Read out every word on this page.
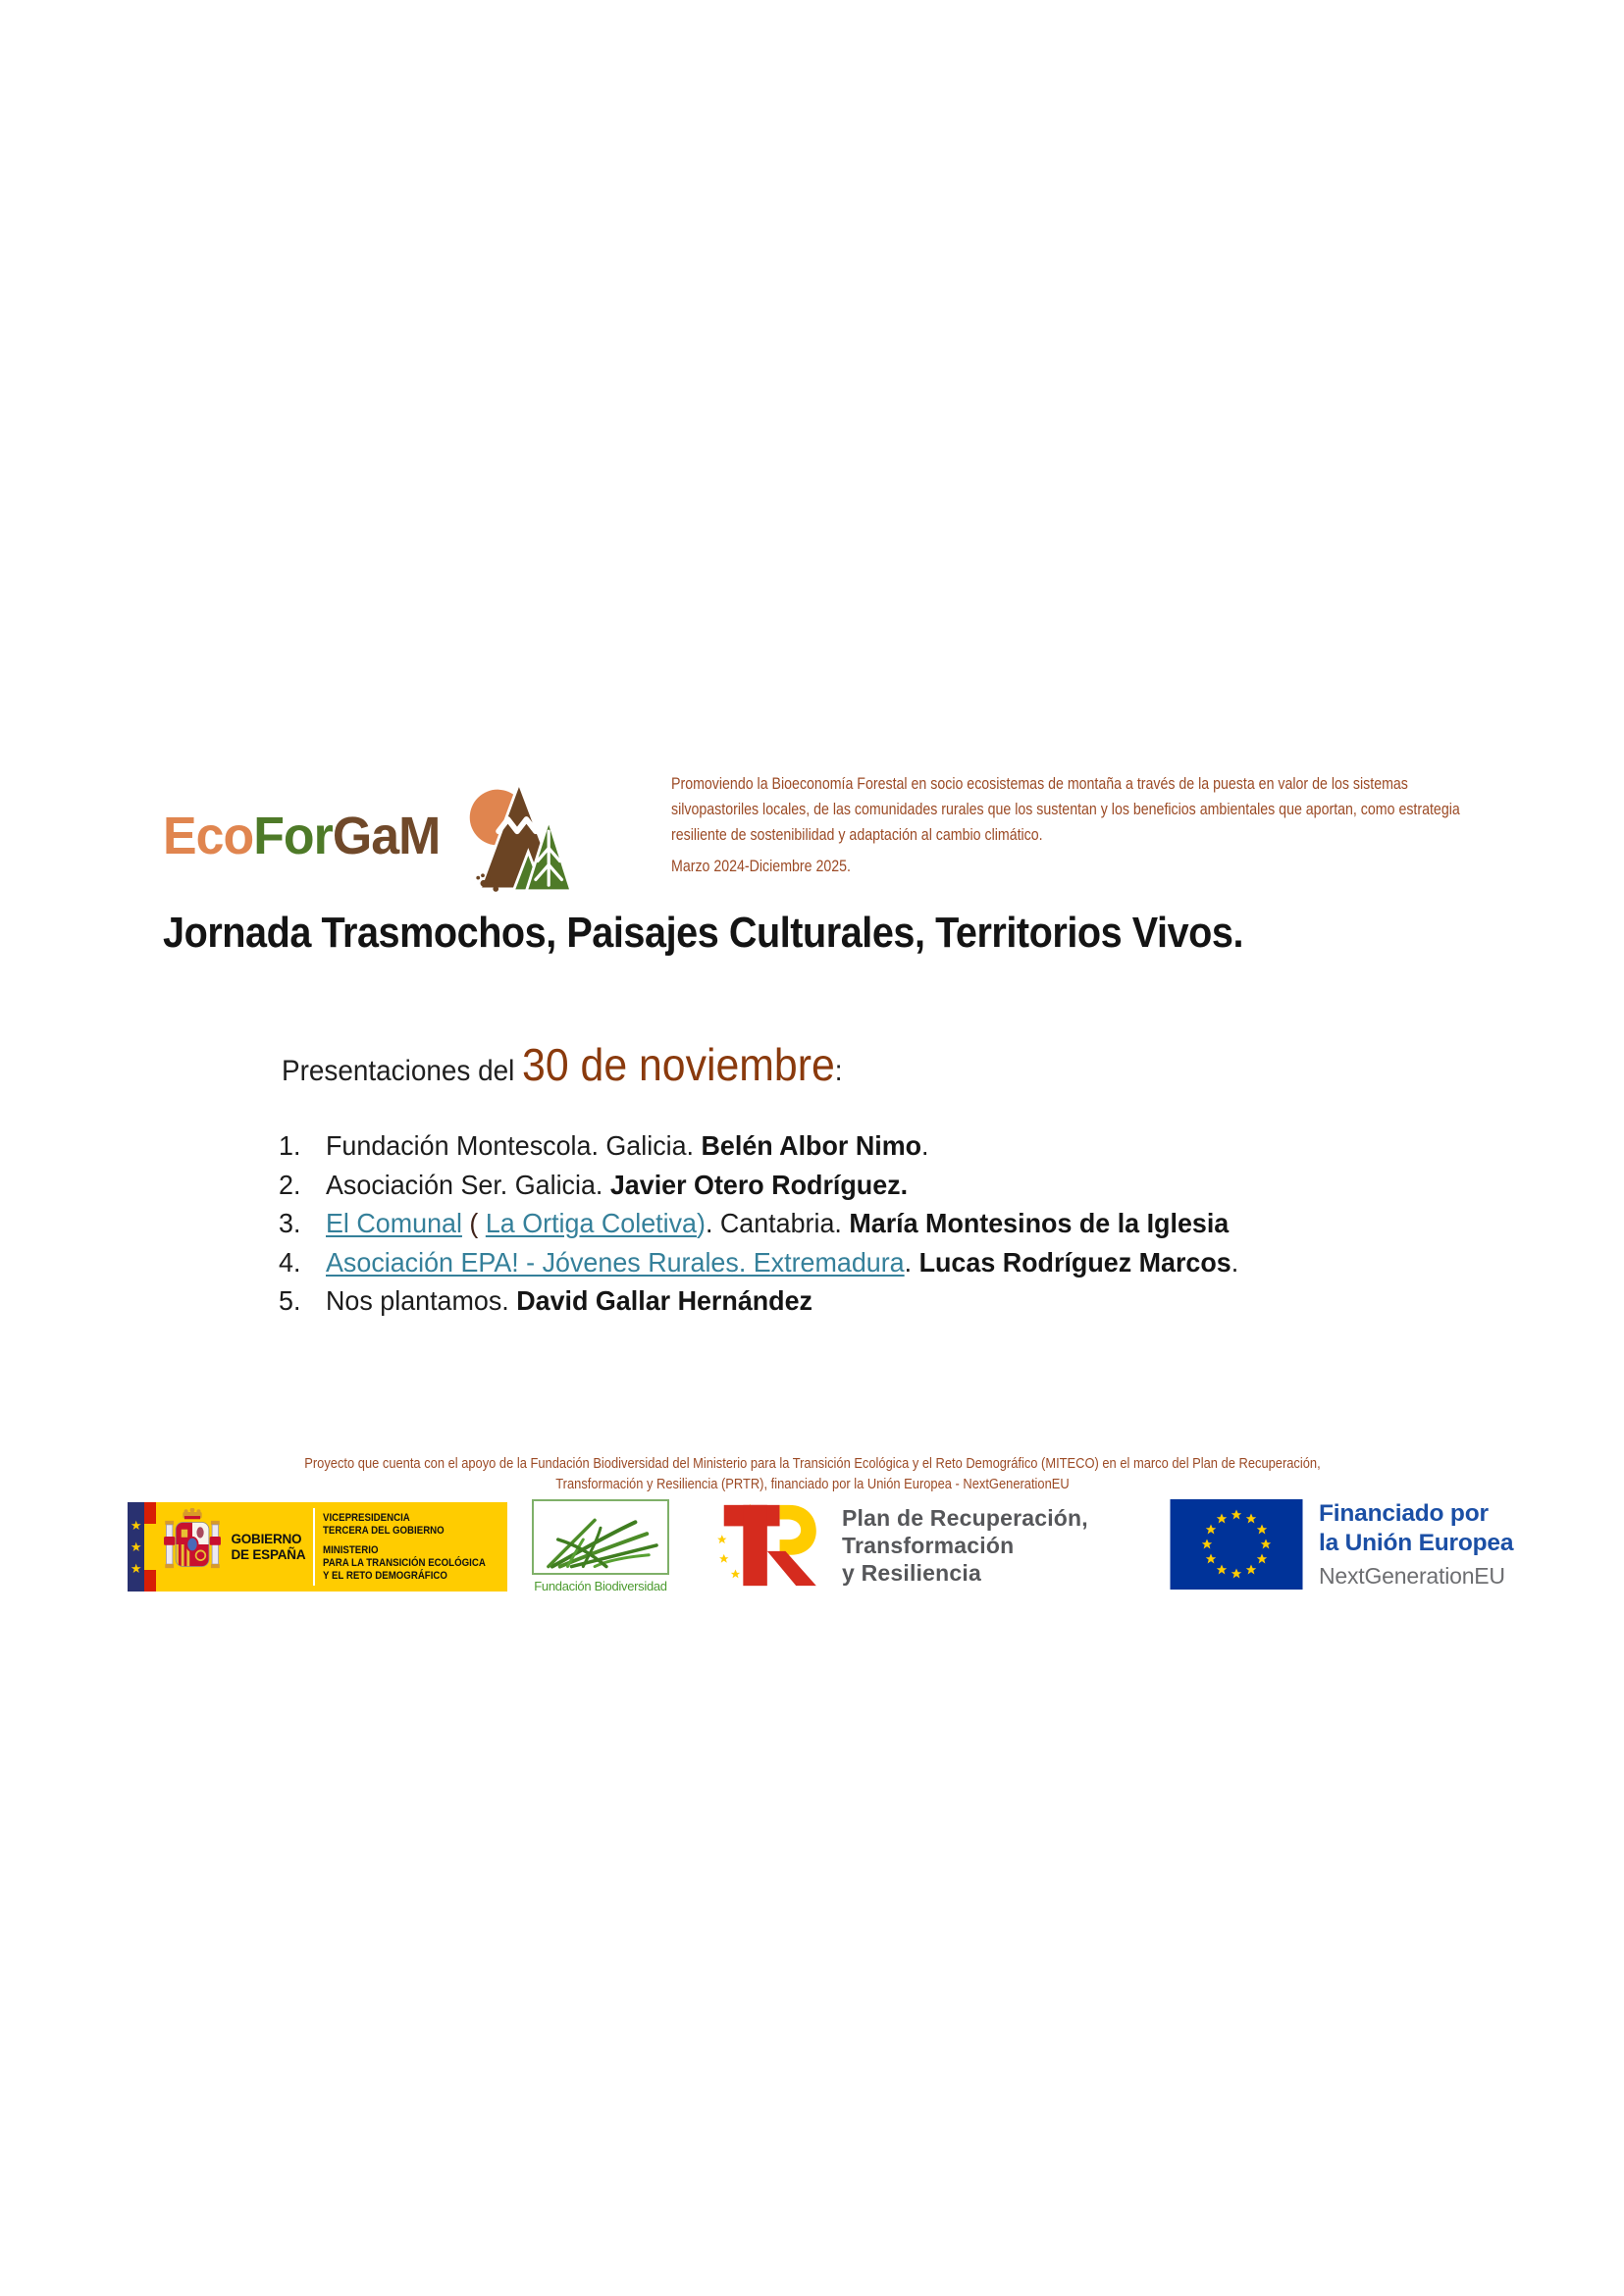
EcoForGaM
Promoviendo la Bioeconomía Forestal en socio ecosistemas de montaña a través de la puesta en valor de los sistemas
silvopastoriles locales, de las comunidades rurales que los sustentan y los beneficios ambientales que aportan, como estrategia
resiliente de sostenibilidad y adaptación al cambio climático.
Marzo 2024-Diciembre 2025.
Jornada Trasmochos, Paisajes Culturales, Territorios Vivos.
Presentaciones del 30 de noviembre:
1. Fundación Montescola. Galicia. Belén Albor Nimo.
2. Asociación Ser. Galicia. Javier Otero Rodríguez.
3. El Comunal ( La Ortiga Coletiva). Cantabria. María Montesinos de la Iglesia
4. Asociación EPA! - Jóvenes Rurales. Extremadura. Lucas Rodríguez Marcos.
5. Nos plantamos. David Gallar Hernández
Proyecto que cuenta con el apoyo de la Fundación Biodiversidad del Ministerio para la Transición Ecológica y el Reto Demográfico (MITECO) en el marco del Plan de Recuperación,
Transformación y Resiliencia (PRTR), financiado por la Unión Europea - NextGenerationEU
★
★
★
GOBIERNO
DE ESPAÑA
VICEPRESIDENCIA
TERCERA DEL GOBIERNO
MINISTERIO
PARA LA TRANSICIÓN ECOLÓGICA
Y EL RETO DEMOGRÁFICO
Fundación Biodiversidad
Plan de Recuperación,
Transformación
y Resiliencia
Financiado por
la Unión Europea
NextGenerationEU
